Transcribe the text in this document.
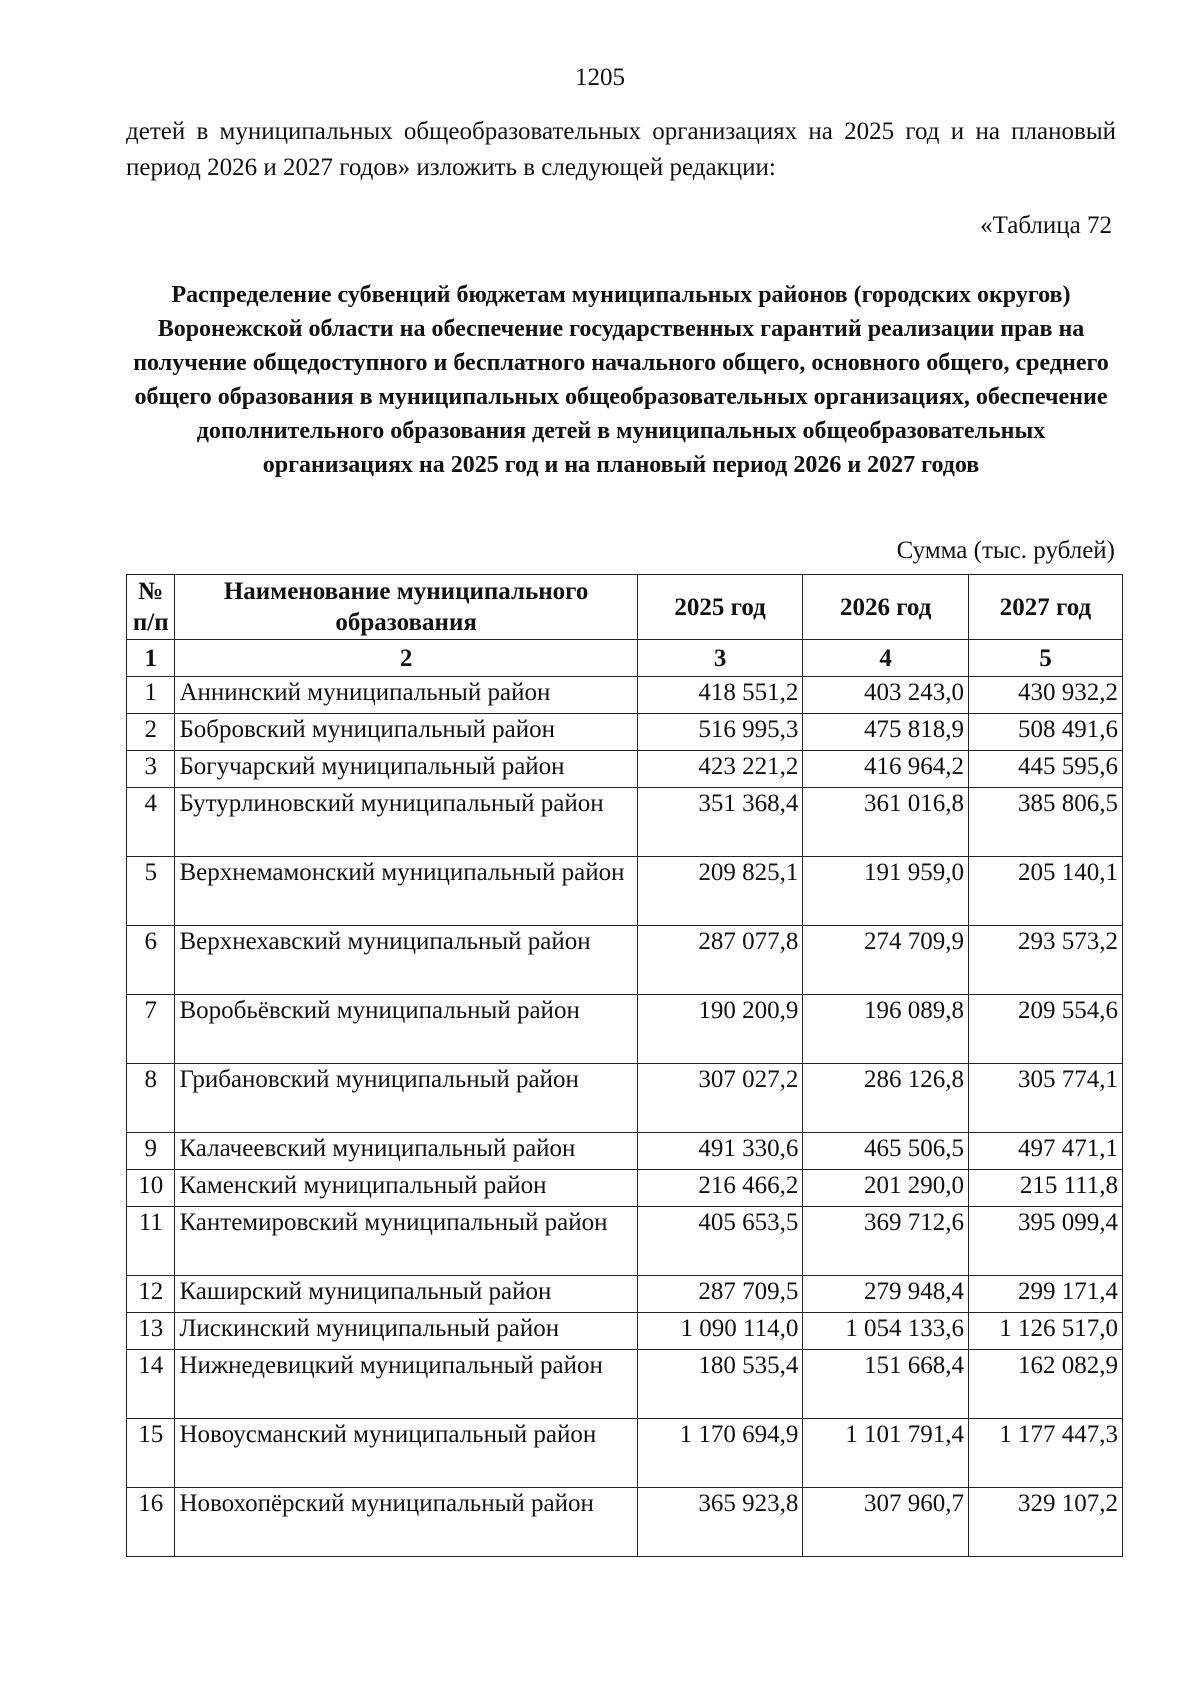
1205
детей в муниципальных общеобразовательных организациях на 2025 год и на плановый период 2026 и 2027 годов» изложить в следующей редакции:
«Таблица 72
Распределение субвенций бюджетам муниципальных районов (городских округов) Воронежской области на обеспечение государственных гарантий реализации прав на получение общедоступного и бесплатного начального общего, основного общего, среднего общего образования в муниципальных общеобразовательных организациях, обеспечение дополнительного образования детей в муниципальных общеобразовательных организациях на 2025 год и на плановый период 2026 и 2027 годов
Сумма (тыс. рублей)
№ п/п	Наименование муниципального образования	2025 год	2026 год	2027 год
1	2	3	4	5
1	Аннинский муниципальный район	418 551,2	403 243,0	430 932,2
2	Бобровский муниципальный район	516 995,3	475 818,9	508 491,6
3	Богучарский муниципальный район	423 221,2	416 964,2	445 595,6
4	Бутурлиновский муниципальный район	351 368,4	361 016,8	385 806,5
5	Верхнемамонский муниципальный район	209 825,1	191 959,0	205 140,1
6	Верхнехавский муниципальный район	287 077,8	274 709,9	293 573,2
7	Воробьёвский муниципальный район	190 200,9	196 089,8	209 554,6
8	Грибановский муниципальный район	307 027,2	286 126,8	305 774,1
9	Калачеевский муниципальный район	491 330,6	465 506,5	497 471,1
10	Каменский муниципальный район	216 466,2	201 290,0	215 111,8
11	Кантемировский муниципальный район	405 653,5	369 712,6	395 099,4
12	Каширский муниципальный район	287 709,5	279 948,4	299 171,4
13	Лискинский муниципальный район	1 090 114,0	1 054 133,6	1 126 517,0
14	Нижнедевицкий муниципальный район	180 535,4	151 668,4	162 082,9
15	Новоусманский муниципальный район	1 170 694,9	1 101 791,4	1 177 447,3
16	Новохопёрский муниципальный район	365 923,8	307 960,7	329 107,2
